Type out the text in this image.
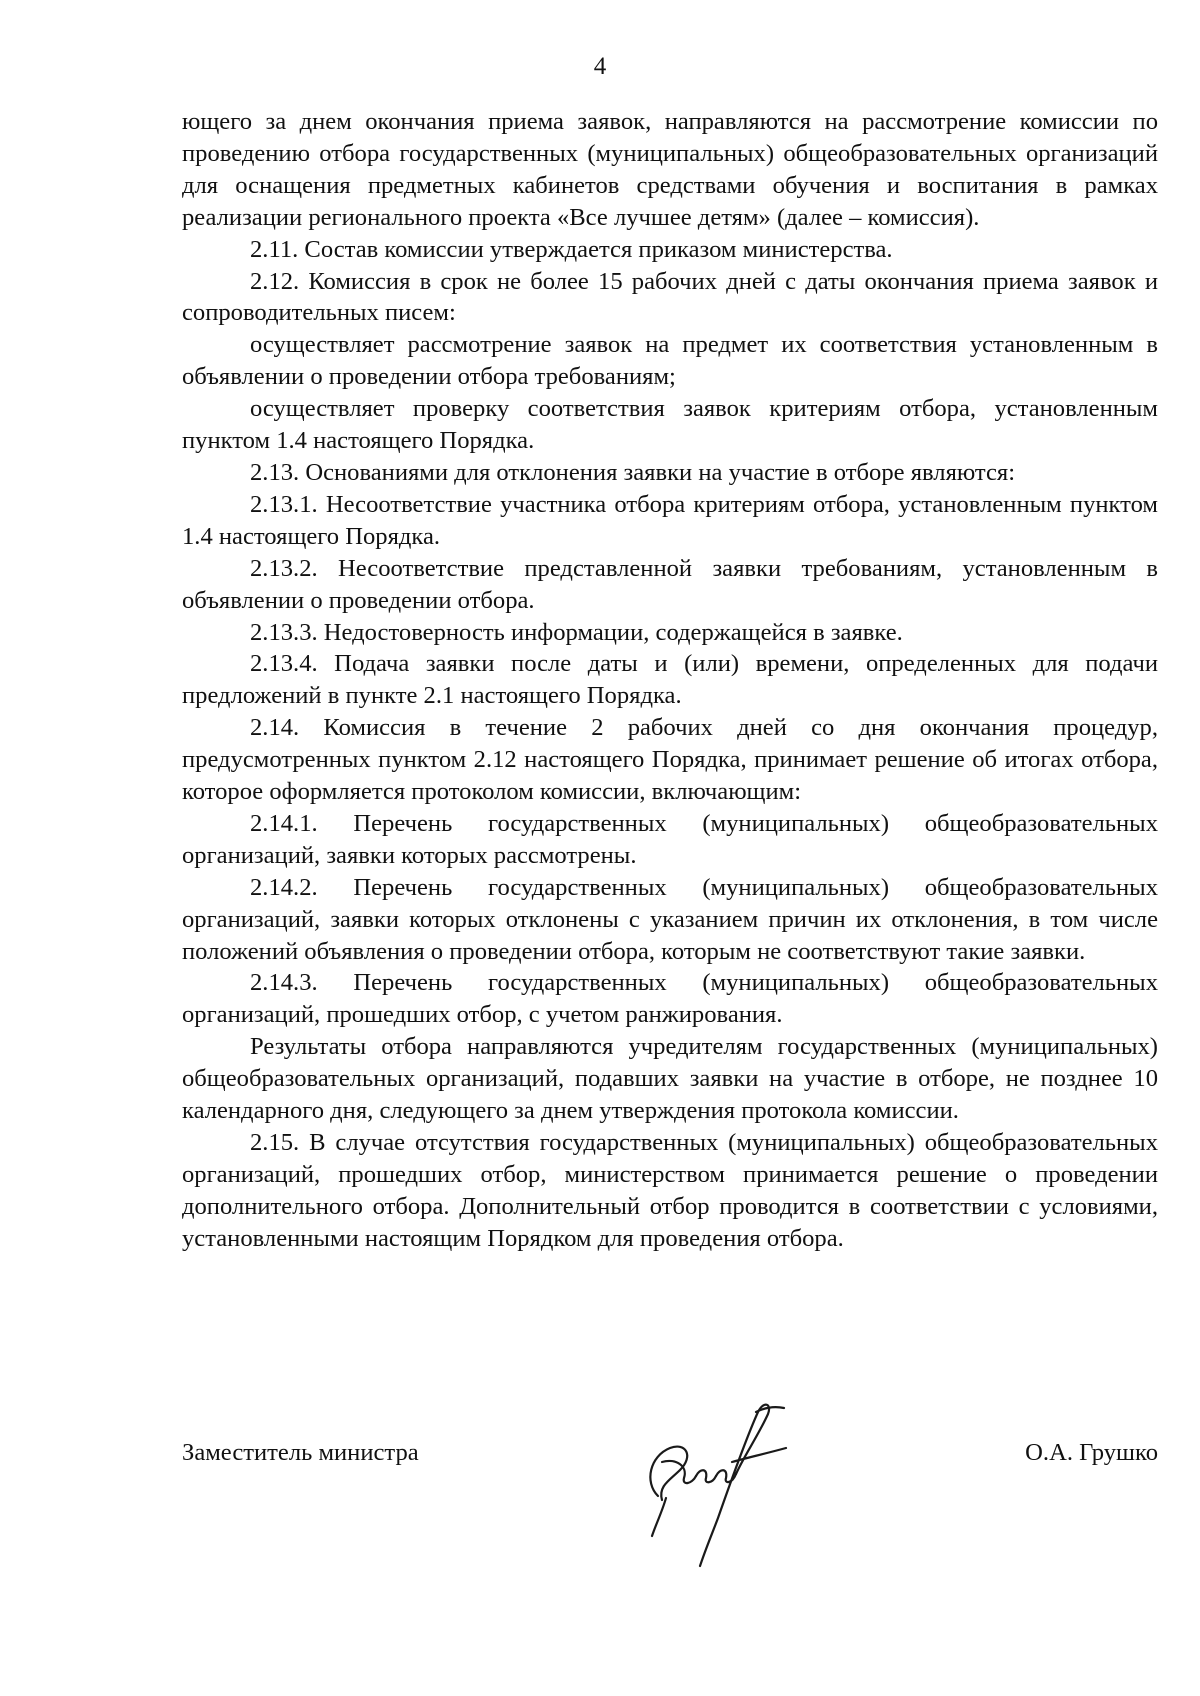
4

ющего за днем окончания приема заявок, направляются на рассмотрение комиссии по проведению отбора государственных (муниципальных) общеобразовательных организаций для оснащения предметных кабинетов средствами обучения и воспитания в рамках реализации регионального проекта «Все лучшее детям» (далее – комиссия).

2.11. Состав комиссии утверждается приказом министерства.

2.12. Комиссия в срок не более 15 рабочих дней с даты окончания приема заявок и сопроводительных писем:

осуществляет рассмотрение заявок на предмет их соответствия установленным в объявлении о проведении отбора требованиям;

осуществляет проверку соответствия заявок критериям отбора, установленным пунктом 1.4 настоящего Порядка.

2.13. Основаниями для отклонения заявки на участие в отборе являются:

2.13.1. Несоответствие участника отбора критериям отбора, установленным пунктом 1.4 настоящего Порядка.

2.13.2. Несоответствие представленной заявки требованиям, установленным в объявлении о проведении отбора.

2.13.3. Недостоверность информации, содержащейся в заявке.

2.13.4. Подача заявки после даты и (или) времени, определенных для подачи предложений в пункте 2.1 настоящего Порядка.

2.14. Комиссия в течение 2 рабочих дней со дня окончания процедур, предусмотренных пунктом 2.12 настоящего Порядка, принимает решение об итогах отбора, которое оформляется протоколом комиссии, включающим:

2.14.1. Перечень государственных (муниципальных) общеобразовательных организаций, заявки которых рассмотрены.

2.14.2. Перечень государственных (муниципальных) общеобразовательных организаций, заявки которых отклонены с указанием причин их отклонения, в том числе положений объявления о проведении отбора, которым не соответствуют такие заявки.

2.14.3. Перечень государственных (муниципальных) общеобразовательных организаций, прошедших отбор, с учетом ранжирования.

Результаты отбора направляются учредителям государственных (муниципальных) общеобразовательных организаций, подавших заявки на участие в отборе, не позднее 10 календарного дня, следующего за днем утверждения протокола комиссии.

2.15. В случае отсутствия государственных (муниципальных) общеобразовательных организаций, прошедших отбор, министерством принимается решение о проведении дополнительного отбора. Дополнительный отбор проводится в соответствии с условиями, установленными настоящим Порядком для проведения отбора.

Заместитель министра	О.А. Грушко
